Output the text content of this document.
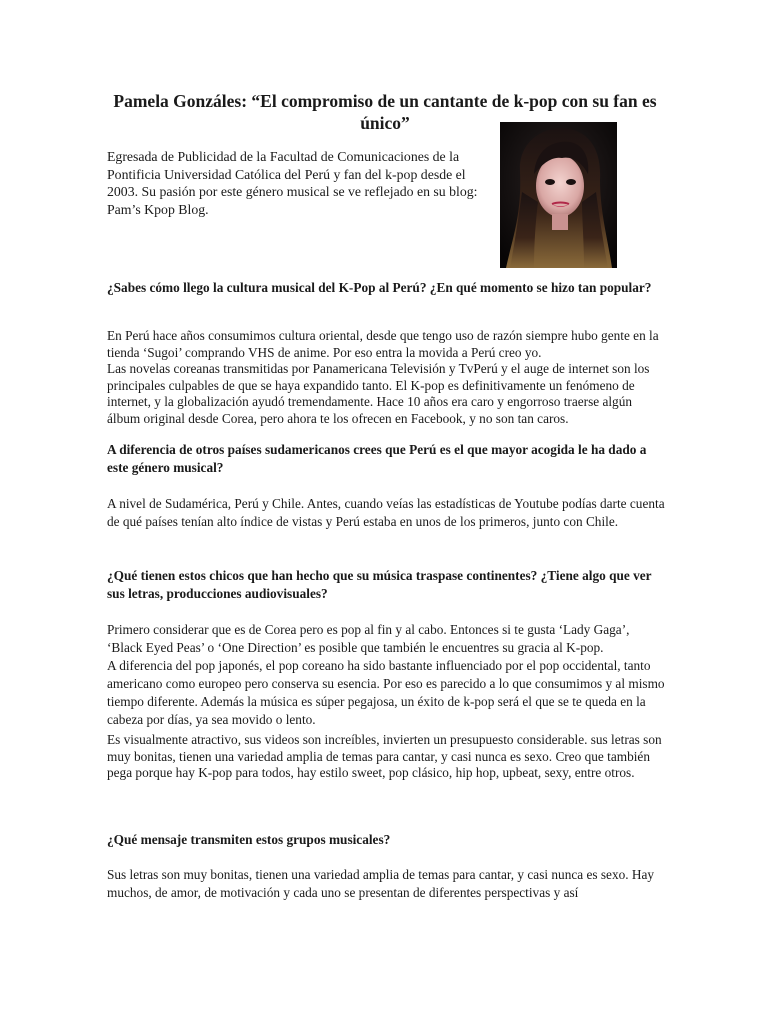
Pamela Gonzáles: “El compromiso de un cantante de k-pop con su fan es
único”

Egresada de Publicidad de la Facultad de Comunicaciones de la Pontificia Universidad Católica del Perú y fan del k-pop desde el 2003. Su pasión por este género musical se ve reflejado en su blog: Pam’s Kpop Blog.

¿Sabes cómo llego la cultura musical del K-Pop al Perú? ¿En qué momento se hizo tan popular?

En Perú hace años consumimos cultura oriental, desde que tengo uso de razón siempre hubo gente en la tienda ‘Sugoi’ comprando VHS de anime. Por eso entra la movida a Perú creo yo.

Las novelas coreanas transmitidas por Panamericana Televisión y TvPerú y el auge de internet son los principales culpables de que se haya expandido tanto. El K-pop es definitivamente un fenómeno de internet, y la globalización ayudó tremendamente. Hace 10 años era caro y engorroso traerse algún álbum original desde Corea, pero ahora te los ofrecen en Facebook, y no son tan caros.

A diferencia de otros países sudamericanos crees que Perú es el que mayor acogida le ha dado a este género musical?

A nivel de Sudamérica, Perú y Chile. Antes, cuando veías las estadísticas de Youtube podías darte cuenta de qué países tenían alto índice de vistas y Perú estaba en unos de los primeros, junto con Chile.

¿Qué tienen estos chicos que han hecho que su música traspase continentes? ¿Tiene algo que ver sus letras, producciones audiovisuales?

Primero considerar que es de Corea pero es pop al fin y al cabo. Entonces si te gusta ‘Lady Gaga’, ‘Black Eyed Peas’ o ‘One Direction’ es posible que también le encuentres su gracia al K-pop.

A diferencia del pop japonés, el pop coreano ha sido bastante influenciado por el pop occidental, tanto americano como europeo pero conserva su esencia. Por eso es parecido a lo que consumimos y al mismo tiempo diferente. Además la música es súper pegajosa, un éxito de k-pop será el que se te queda en la cabeza por días, ya sea movido o lento.

Es visualmente atractivo, sus videos son increíbles, invierten un presupuesto considerable. sus letras son muy bonitas, tienen una variedad amplia de temas para cantar, y casi nunca es sexo. Creo que también pega porque hay K-pop para todos, hay estilo sweet, pop clásico, hip hop, upbeat, sexy, entre otros.

¿Qué mensaje transmiten estos grupos musicales?

Sus letras son muy bonitas, tienen una variedad amplia de temas para cantar, y casi nunca es sexo. Hay muchos, de amor, de motivación y cada uno se presentan de diferentes perspectivas y así
